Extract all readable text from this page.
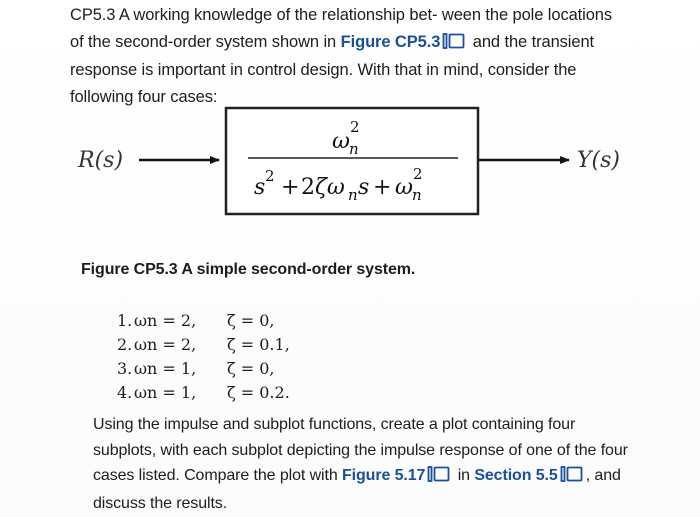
CP5.3 A working knowledge of the relationship bet- ween the pole locations of the second-order system shown in Figure CP5.3 and the transient response is important in control design. With that in mind, consider the following four cases:
R(s)
ω n
2
s 2 + 2 ζω n s + ω n
2
Y(s)
Figure CP5.3 A simple second-order system.
1. ωn = 2,	ζ = 0,
2. ωn = 2,	ζ = 0.1,
3. ωn = 1,	ζ = 0,
4. ωn = 1,	ζ = 0.2.
Using the impulse and subplot functions, create a plot containing four subplots, with each subplot depicting the impulse response of one of the four cases listed. Compare the plot with Figure 5.17 in Section 5.5 , and discuss the results.
